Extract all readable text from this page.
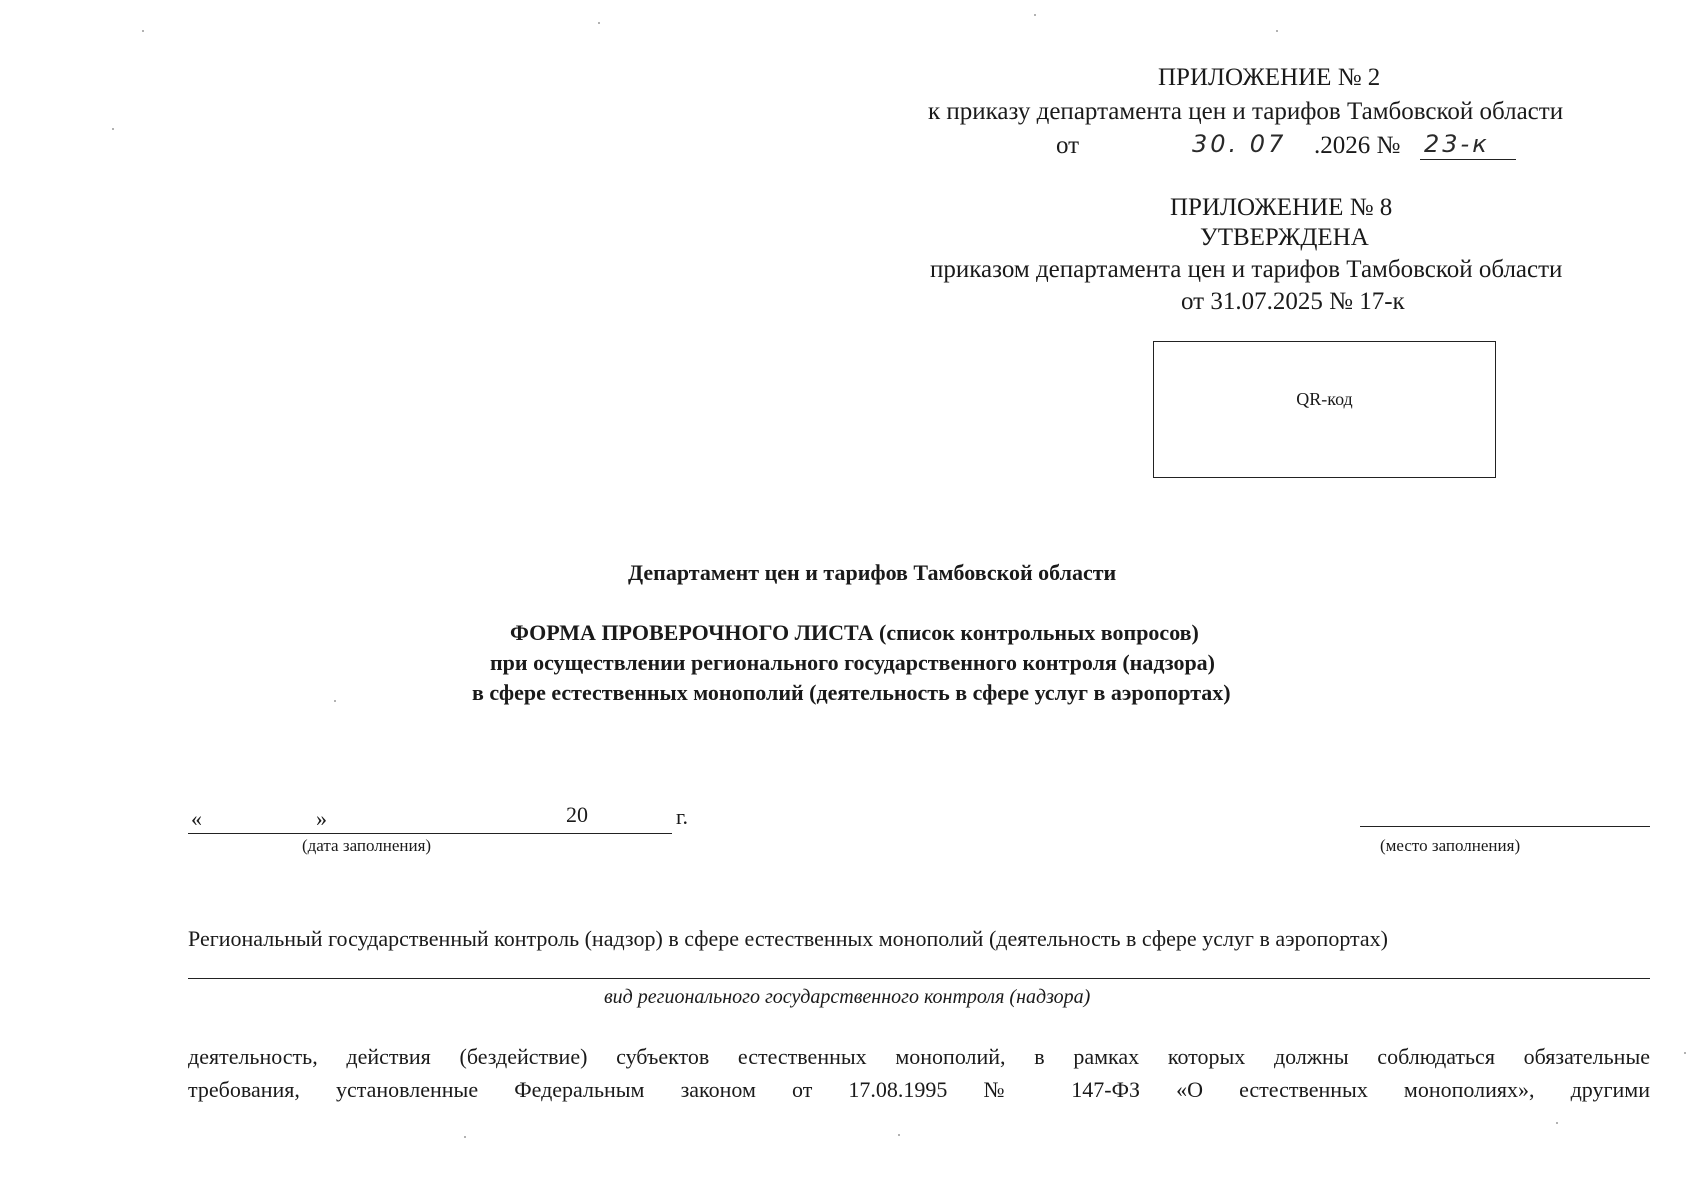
ПРИЛОЖЕНИЕ № 2
к приказу департамента цен и тарифов Тамбовской области
от	30. 07 .2026 № 23-к
ПРИЛОЖЕНИЕ № 8
УТВЕРЖДЕНА
приказом департамента цен и тарифов Тамбовской области
от 31.07.2025 № 17-к
QR-код
Департамент цен и тарифов Тамбовской области
ФОРМА ПРОВЕРОЧНОГО ЛИСТА (список контрольных вопросов)
при осуществлении регионального государственного контроля (надзора)
в сфере естественных монополий (деятельность в сфере услуг в аэропортах)
«	»	20	г.
(дата заполнения)	(место заполнения)
Региональный государственный контроль (надзор) в сфере естественных монополий (деятельность в сфере услуг в аэропортах)
вид регионального государственного контроля (надзора)
деятельность, действия (бездействие) субъектов естественных монополий, в рамках которых должны соблюдаться обязательные
требования, установленные Федеральным законом от 17.08.1995 № 147-ФЗ «О естественных монополиях», другими
